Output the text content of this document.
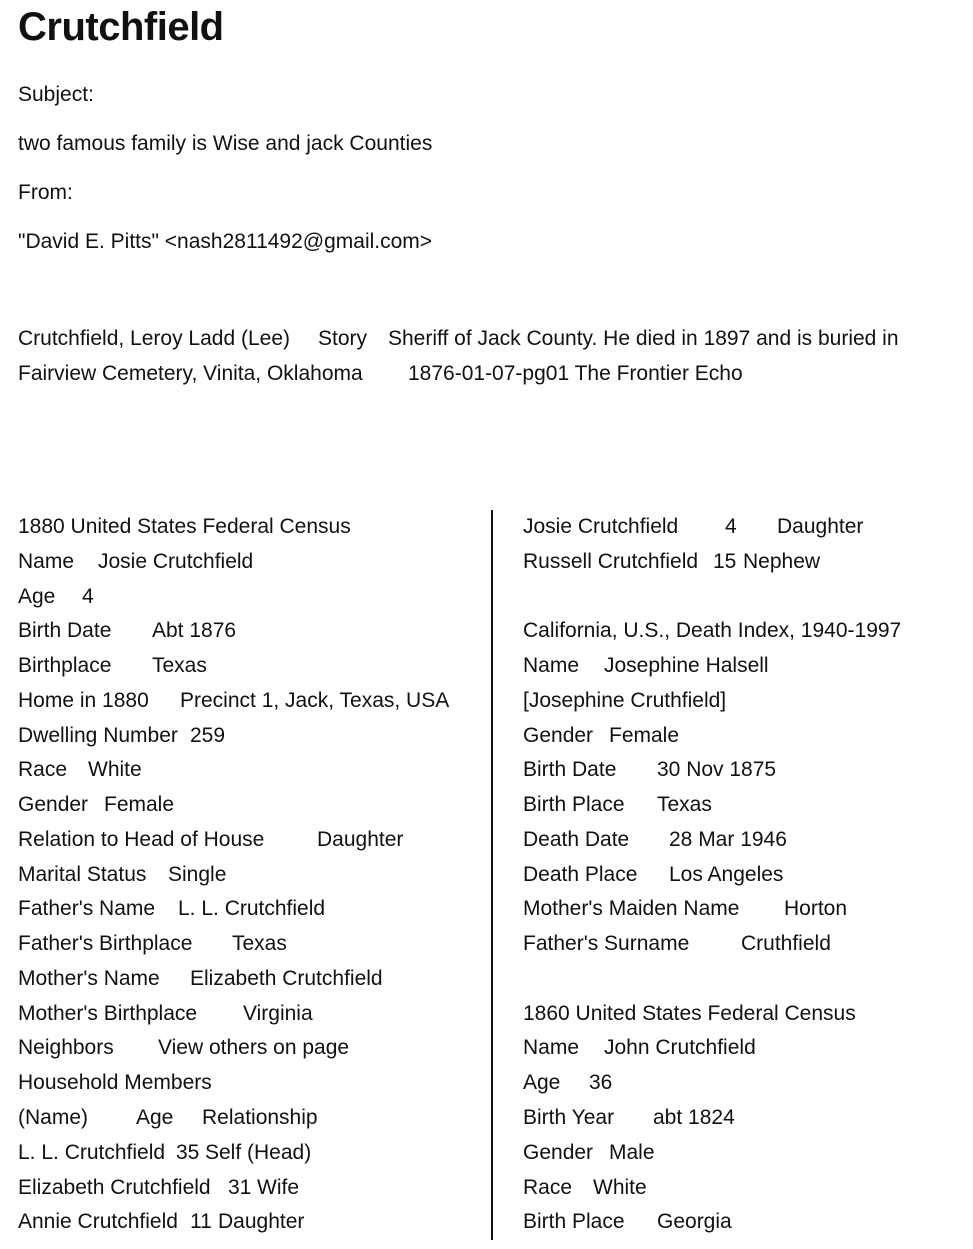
Crutchfield
Subject:
two famous family is Wise and jack Counties
From:
"David E. Pitts" <nash2811492@gmail.com>
Crutchfield, Leroy Ladd (Lee) Story Sheriff of Jack County. He died in 1897 and is buried in
Fairview Cemetery, Vinita, Oklahoma 1876-01-07-pg01 The Frontier Echo
1880 United States Federal Census
Name Josie Crutchfield
Age 4
Birth Date Abt 1876
Birthplace Texas
Home in 1880 Precinct 1, Jack, Texas, USA
Dwelling Number 259
Race White
Gender Female
Relation to Head of House	Daughter
Marital Status Single
Father's Name L. L. Crutchfield
Father's Birthplace Texas
Mother's Name Elizabeth Crutchfield
Mother's Birthplace Virginia
Neighbors View others on page
Household Members
(Name) Age Relationship
L. L. Crutchfield 35 Self (Head)
Elizabeth Crutchfield 31 Wife
Annie Crutchfield 11 Daughter
Josie Crutchfield 4 Daughter
Russell Crutchfield 15 Nephew
California, U.S., Death Index, 1940-1997
Name Josephine Halsell
[Josephine Cruthfield]
Gender Female
Birth Date 30 Nov 1875
Birth Place Texas
Death Date 28 Mar 1946
Death Place Los Angeles
Mother's Maiden Name Horton
Father's Surname Cruthfield
1860 United States Federal Census
Name John Crutchfield
Age 36
Birth Year abt 1824
Gender Male
Race White
Birth Place Georgia
